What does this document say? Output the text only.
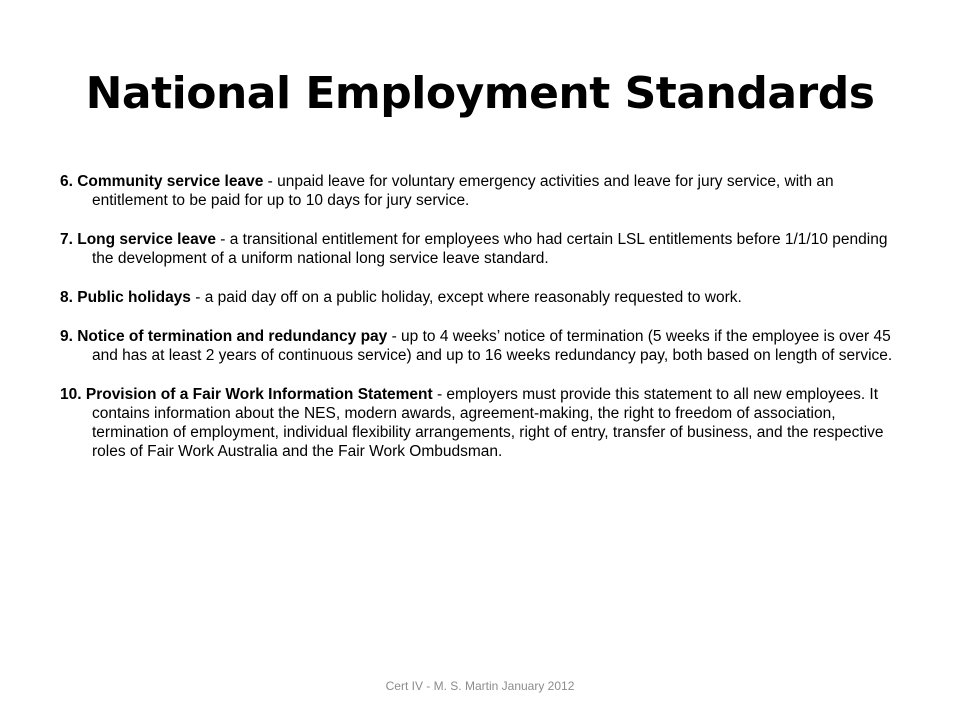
National Employment Standards

6. Community service leave - unpaid leave for voluntary emergency activities and leave for jury service, with an entitlement to be paid for up to 10 days for jury service.

7. Long service leave - a transitional entitlement for employees who had certain LSL entitlements before 1/1/10 pending the development of a uniform national long service leave standard.

8. Public holidays - a paid day off on a public holiday, except where reasonably requested to work.

9. Notice of termination and redundancy pay - up to 4 weeks’ notice of termination (5 weeks if the employee is over 45 and has at least 2 years of continuous service) and up to 16 weeks redundancy pay, both based on length of service.

10. Provision of a Fair Work Information Statement - employers must provide this statement to all new employees. It contains information about the NES, modern awards, agreement-making, the right to freedom of association, termination of employment, individual flexibility arrangements, right of entry, transfer of business, and the respective roles of Fair Work Australia and the Fair Work Ombudsman.

Cert IV - M. S. Martin January 2012
